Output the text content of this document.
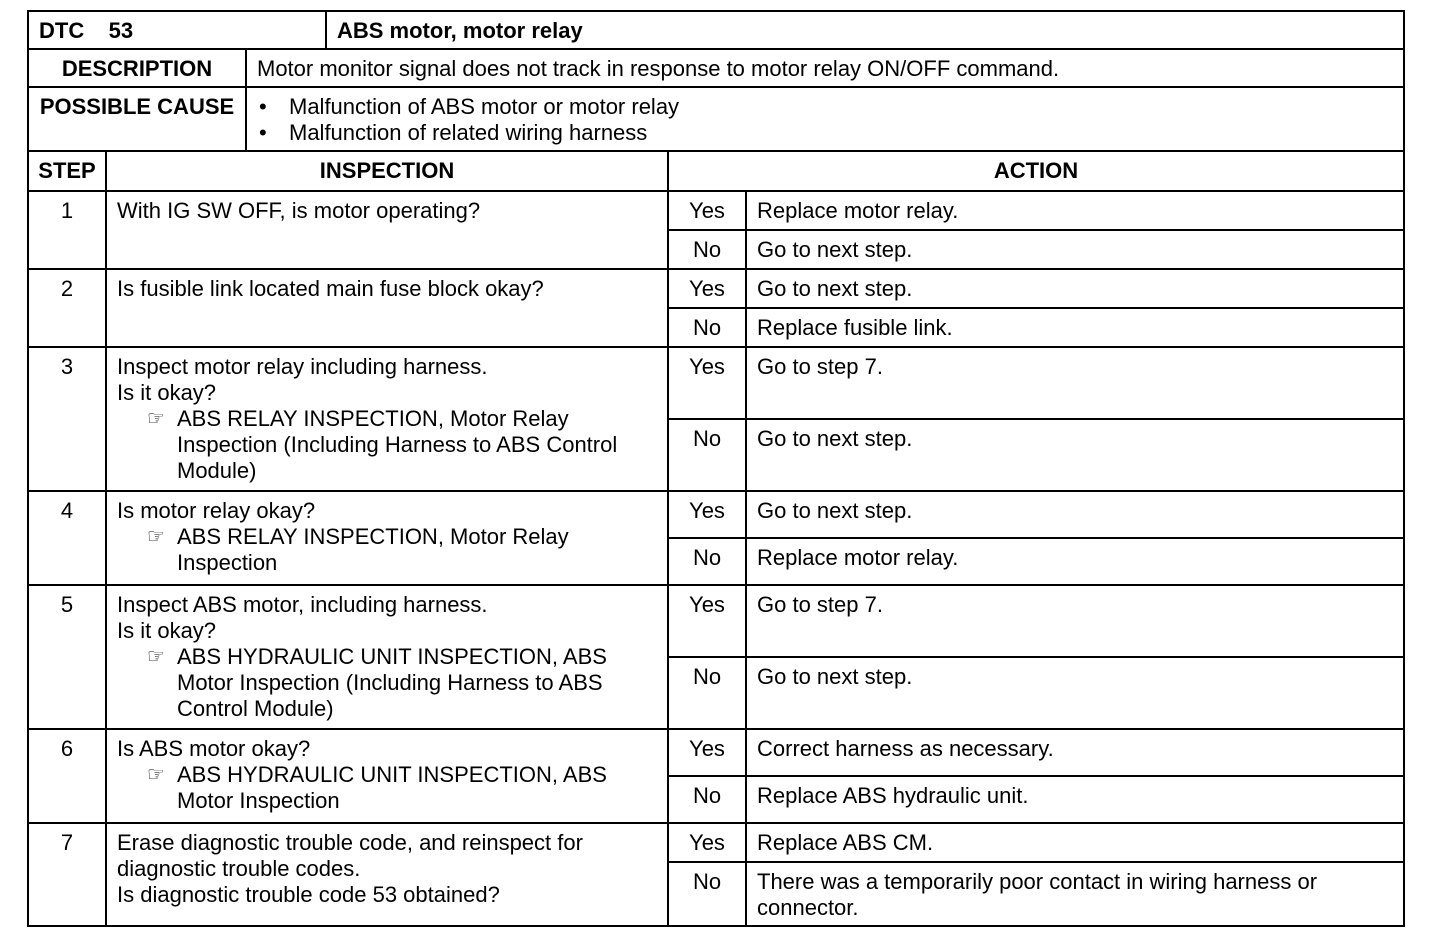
DTC 53			ABS motor, motor relay		
DESCRIPTION		Motor monitor signal does not track in response to motor relay ON/OFF command.			
POSSIBLE CAUSE		• Malfunction of ABS motor or motor relay
• Malfunction of related wiring harness			

STEP	INSPECTION			ACTION	
1	With IG SW OFF, is motor operating?			Yes	Replace motor relay.
				No	Go to next step.
2	Is fusible link located main fuse block okay?			Yes	Go to next step.
				No	Replace fusible link.
3	Inspect motor relay including harness.
Is it okay?
☞ ABS RELAY INSPECTION, Motor Relay Inspection (Including Harness to ABS Control Module)			Yes	Go to step 7.
				No	Go to next step.
4	Is motor relay okay?
☞ ABS RELAY INSPECTION, Motor Relay Inspection			Yes	Go to next step.
				No	Replace motor relay.
5	Inspect ABS motor, including harness.
Is it okay?
☞ ABS HYDRAULIC UNIT INSPECTION, ABS Motor Inspection (Including Harness to ABS Control Module)			Yes	Go to step 7.
				No	Go to next step.
6	Is ABS motor okay?
☞ ABS HYDRAULIC UNIT INSPECTION, ABS Motor Inspection			Yes	Correct harness as necessary.
				No	Replace ABS hydraulic unit.
7	Erase diagnostic trouble code, and reinspect for diagnostic trouble codes.
Is diagnostic trouble code 53 obtained?			Yes	Replace ABS CM.
				No	There was a temporarily poor contact in wiring harness or connector.
